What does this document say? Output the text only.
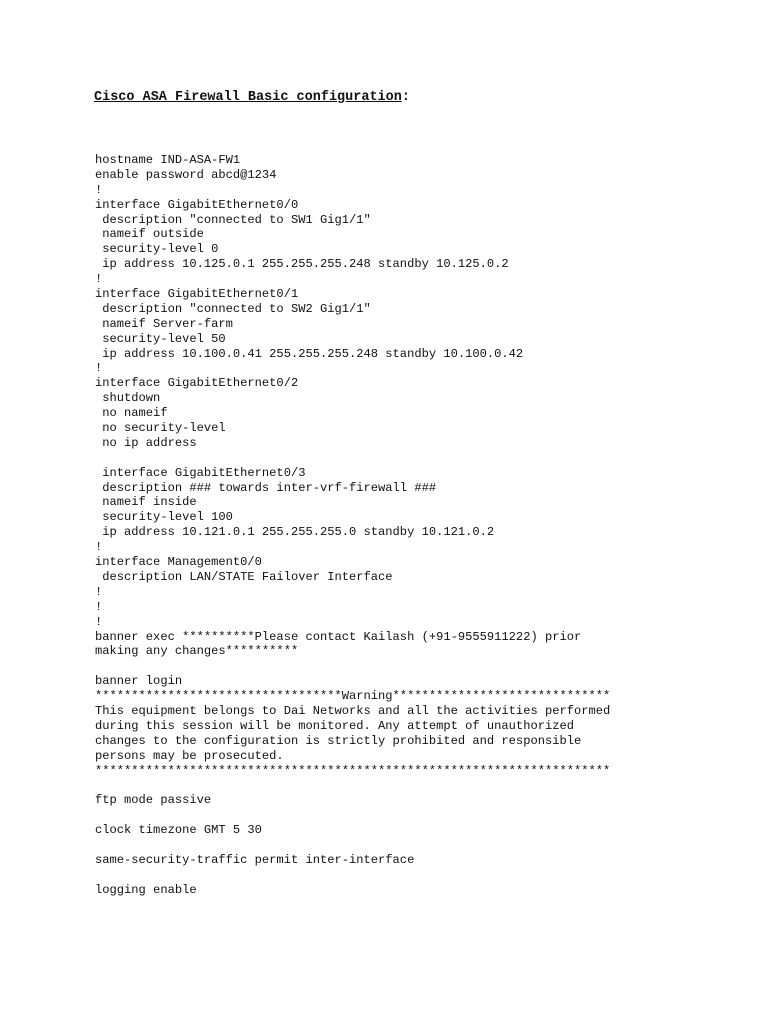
Cisco ASA Firewall Basic configuration:
hostname IND-ASA-FW1
enable password abcd@1234
!
interface GigabitEthernet0/0
description "connected to SW1 Gig1/1"
nameif outside
security-level 0
ip address 10.125.0.1 255.255.255.248 standby 10.125.0.2
!
interface GigabitEthernet0/1
description "connected to SW2 Gig1/1"
nameif Server-farm
security-level 50
ip address 10.100.0.41 255.255.255.248 standby 10.100.0.42
!
interface GigabitEthernet0/2
shutdown
no nameif
no security-level
no ip address
interface GigabitEthernet0/3
description ### towards inter-vrf-firewall ###
nameif inside
security-level 100
ip address 10.121.0.1 255.255.255.0 standby 10.121.0.2
!
interface Management0/0
description LAN/STATE Failover Interface
!
!
!
banner exec **********Please contact Kailash (+91-9555911222) prior
making any changes**********
banner login
**********************************Warning******************************
This equipment belongs to Dai Networks and all the activities performed
during this session will be monitored. Any attempt of unauthorized
changes to the configuration is strictly prohibited and responsible
persons may be prosecuted.
***********************************************************************
ftp mode passive
clock timezone GMT 5 30
same-security-traffic permit inter-interface
logging enable
